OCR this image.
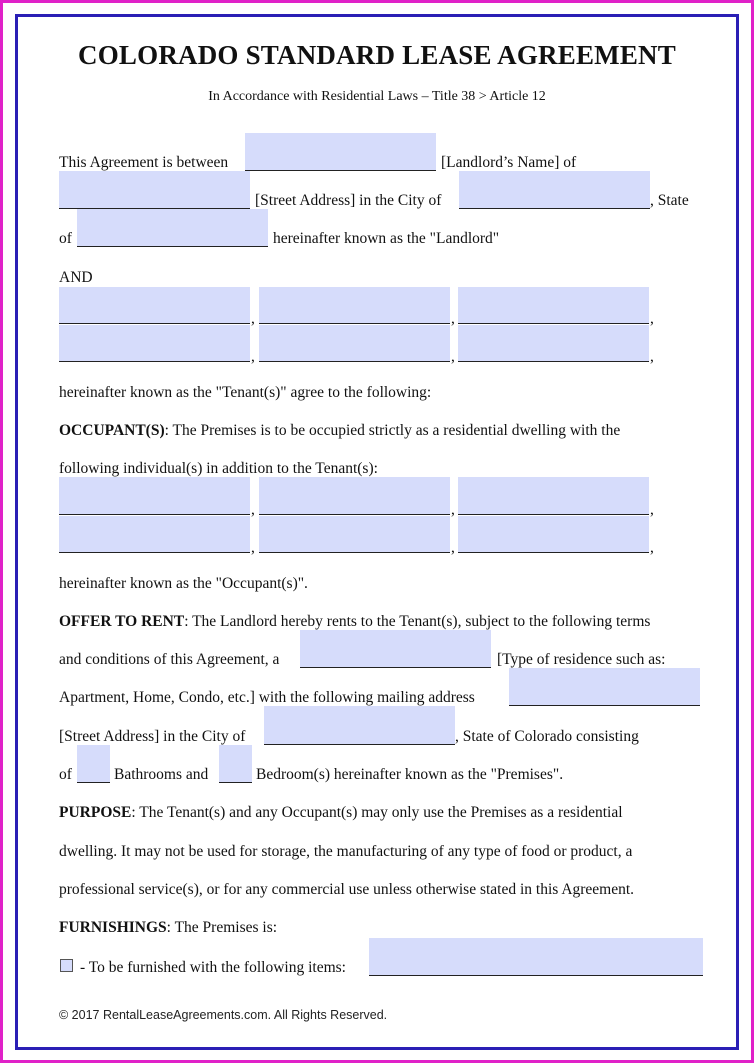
COLORADO STANDARD LEASE AGREEMENT
In Accordance with Residential Laws – Title 38 > Article 12
This Agreement is between	[Landlord’s Name] of
[Street Address] in the City of	, State
of	hereinafter known as the "Landlord"
AND
,	,	,
,	,	,
hereinafter known as the "Tenant(s)" agree to the following:
OCCUPANT(S): The Premises is to be occupied strictly as a residential dwelling with the
following individual(s) in addition to the Tenant(s):
,	,	,
,	,	,
hereinafter known as the "Occupant(s)".
OFFER TO RENT: The Landlord hereby rents to the Tenant(s), subject to the following terms
and conditions of this Agreement, a	[Type of residence such as:
Apartment, Home, Condo, etc.] with the following mailing address
[Street Address] in the City of	, State of Colorado consisting
of	Bathrooms and	Bedroom(s) hereinafter known as the "Premises".
PURPOSE: The Tenant(s) and any Occupant(s) may only use the Premises as a residential
dwelling. It may not be used for storage, the manufacturing of any type of food or product, a
professional service(s), or for any commercial use unless otherwise stated in this Agreement.
FURNISHINGS: The Premises is:
- To be furnished with the following items:
© 2017 RentalLeaseAgreements.com. All Rights Reserved.
